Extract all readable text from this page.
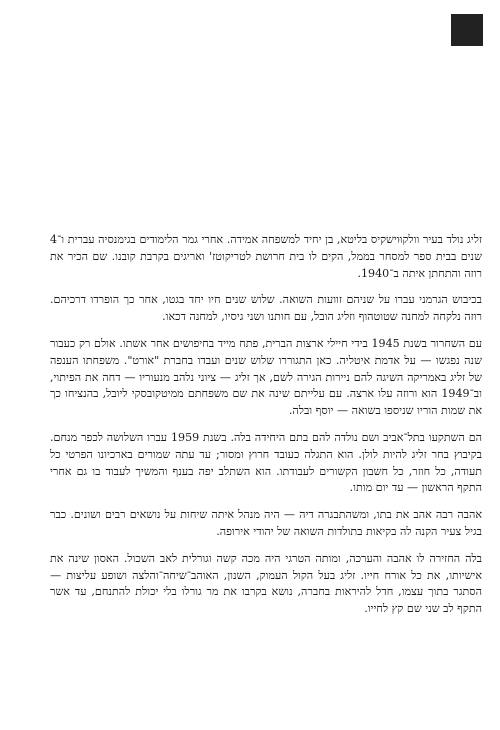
זליג נולד בעיר וולקוּוישקיס בליטא, בן יחיד למשפחה אמידה. אחרי גמר הלימודים בגימנסיה עברית ו־4 שנים בבית ספר למסחר בממל, הקים לו בית חרושת לטריקוטז' ואריגים בקרבת קובנו. שם הכיר את רוזה והתחתן איתה ב־1940.

בכיבוש הגרמני עברו על שניהם זוועות השואה. שלוש שנים חיו יחד בגטו, אחר כך הופרדו דרכיהם. רוזה נלקחה למחנה שטוטהוף וזליג הובל, עם חותנו ושני גיסיו, למחנה דכאו.

עם השחרור בשנת 1945 בידי חיילי ארצות הברית, פתח מייד בחיפושים אחר אשתו. אולם רק כעבור שנה נפגשו — על אדמת איטליה. כאן התגוררו שלוש שנים ועבדו בחברת "אורט". משפחתו הענפה של זליג באמריקה השיגה להם ניירות הגירה לשם, אך זליג — ציוני נלהב מנעוריו — דחה את הפיתוי, וב־1949 הוא ורוזה עלו ארצה. עם עלייתם שינה את שם משפחתם ממיטקובסקי ליובל, בהנציחו כך את שמות הוריו שניספו בשואה — יוסף ובלה.

הם השתקעו בתל־אביב ושם נולדה להם בתם היחידה בלה. בשנת 1959 עברו השלושה לכפר מנחם. בקיבוץ בחר זליג להיות לולן. הוא התגלה כעובד חרוץ ומסור; עד עתה שמורים בארכיונו הפרטי כל תעודה, כל חוזר, כל חשבון הקשורים לעבודתו. הוא השתלב יפה בענף והמשיך לעבוד בו גם אחרי התקף הראשון — עד יום מותו.

אהבה רבה אהב את בתו, ומשהתבגרה דיה — היה מנהל איתה שיחות על נושאים רבים ושונים. כבר בגיל צעיר הקנה לה בקיאות בתולדות השואה של יהודי אירופה.

בלה החזירה לו אהבה והערכה, ומותה הטרגי היה מכה קשה וגורלית לאב השכול. האסון שינה את אישיותו, את כל אורח חייו. זליג בעל הקול העמוק, השנון, האוהב־שיחה־והלצה ושופע עליצות — הסתגר בתוך עצמו, חדל להיראות בחברה, נושא בקרבו את מר גורלו בלי יכולת להתנחם, עד אשר התקף לב שני שם קץ לחייו.
